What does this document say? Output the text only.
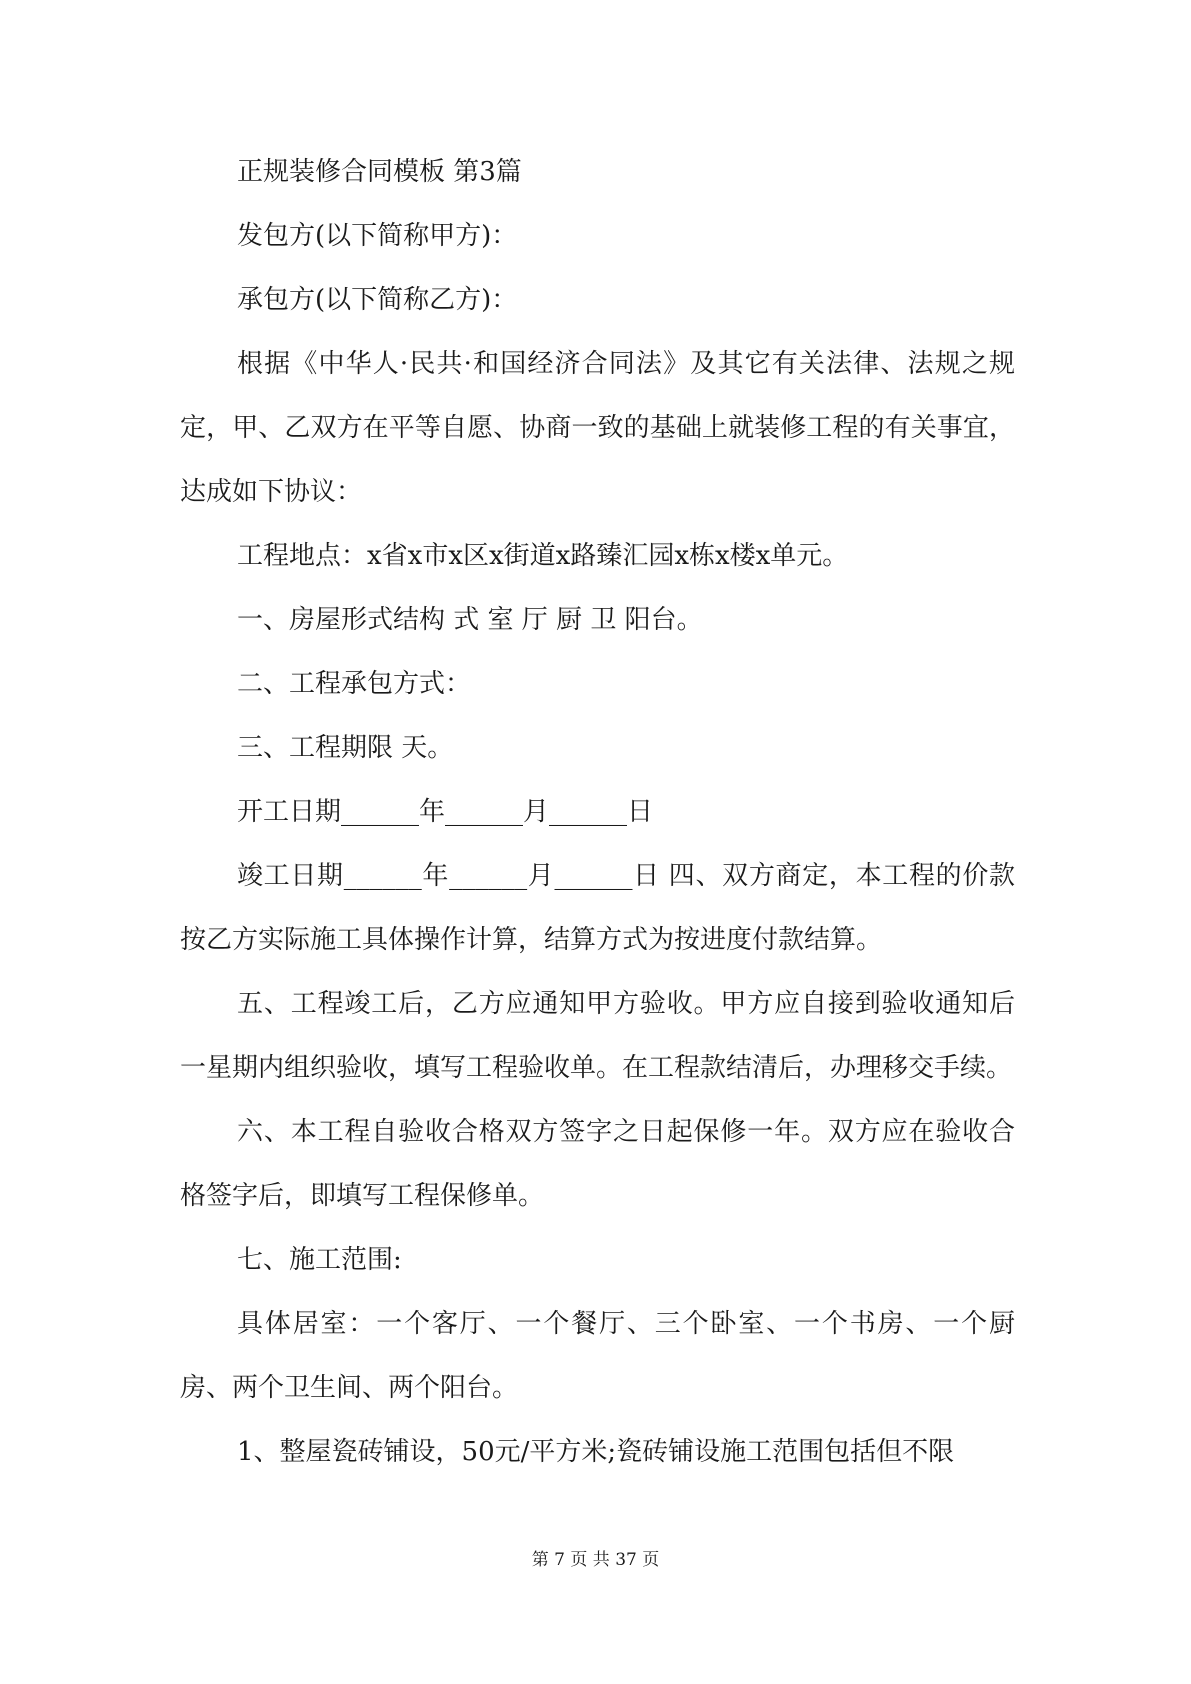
正规装修合同模板 第3篇

发包方(以下简称甲方)：

承包方(以下简称乙方)：

根据《中华人·民共·和国经济合同法》及其它有关法律、法规之规定，甲、乙双方在平等自愿、协商一致的基础上就装修工程的有关事宜，达成如下协议：

工程地点：x省x市x区x街道x路臻汇园x栋x楼x单元。

一、房屋形式结构 式 室 厅 厨 卫 阳台。

二、工程承包方式：

三、工程期限 天。

开工日期______年______月______日

竣工日期______年______月______日 四、双方商定，本工程的价款按乙方实际施工具体操作计算，结算方式为按进度付款结算。

五、工程竣工后，乙方应通知甲方验收。甲方应自接到验收通知后一星期内组织验收，填写工程验收单。在工程款结清后，办理移交手续。

六、本工程自验收合格双方签字之日起保修一年。双方应在验收合格签字后，即填写工程保修单。

七、施工范围:

具体居室：一个客厅、一个餐厅、三个卧室、一个书房、一个厨房、两个卫生间、两个阳台。

1、整屋瓷砖铺设，50元/平方米;瓷砖铺设施工范围包括但不限

第 7 页 共 37 页
